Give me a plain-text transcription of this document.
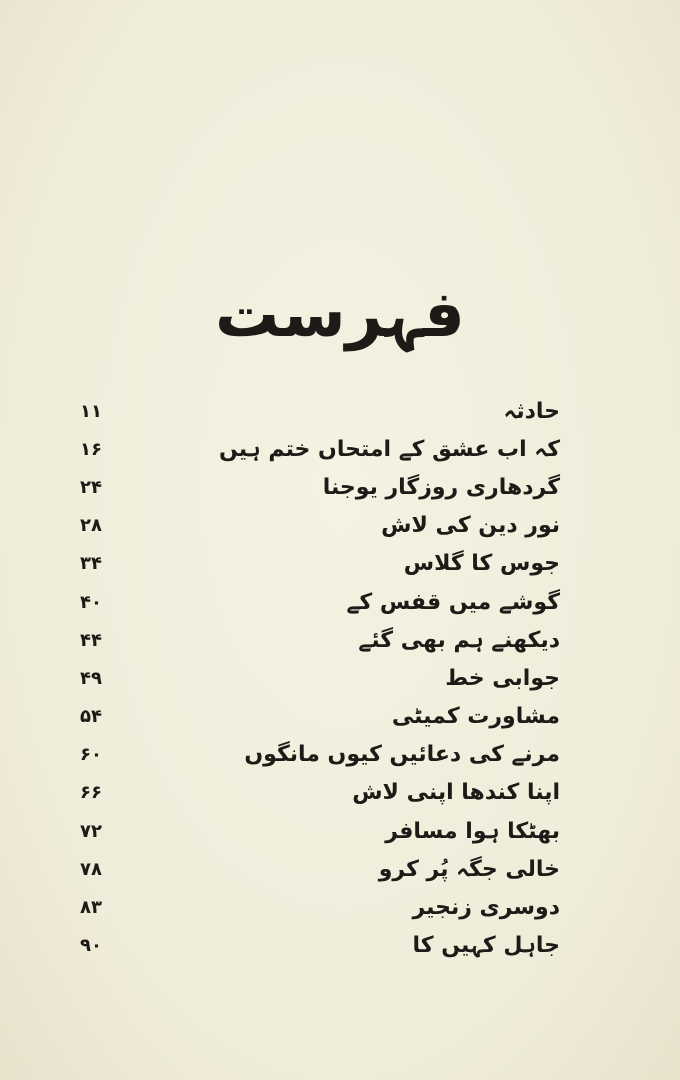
فہرست
۱۱	حادثہ
۱۶	کہ اب عشق کے امتحاں ختم ہیں
۲۴	گردھاری روزگار یوجنا
۲۸	نور دین کی لاش
۳۴	جوس کا گلاس
۴۰	گوشے میں قفس کے
۴۴	دیکھنے ہم بھی گئے
۴۹	جوابی خط
۵۴	مشاورت کمیٹی
۶۰	مرنے کی دعائیں کیوں مانگوں
۶۶	اپنا کندھا اپنی لاش
۷۲	بھٹکا ہوا مسافر
۷۸	خالی جگہ پُر کرو
۸۳	دوسری زنجیر
۹۰	جاہل کہیں کا
